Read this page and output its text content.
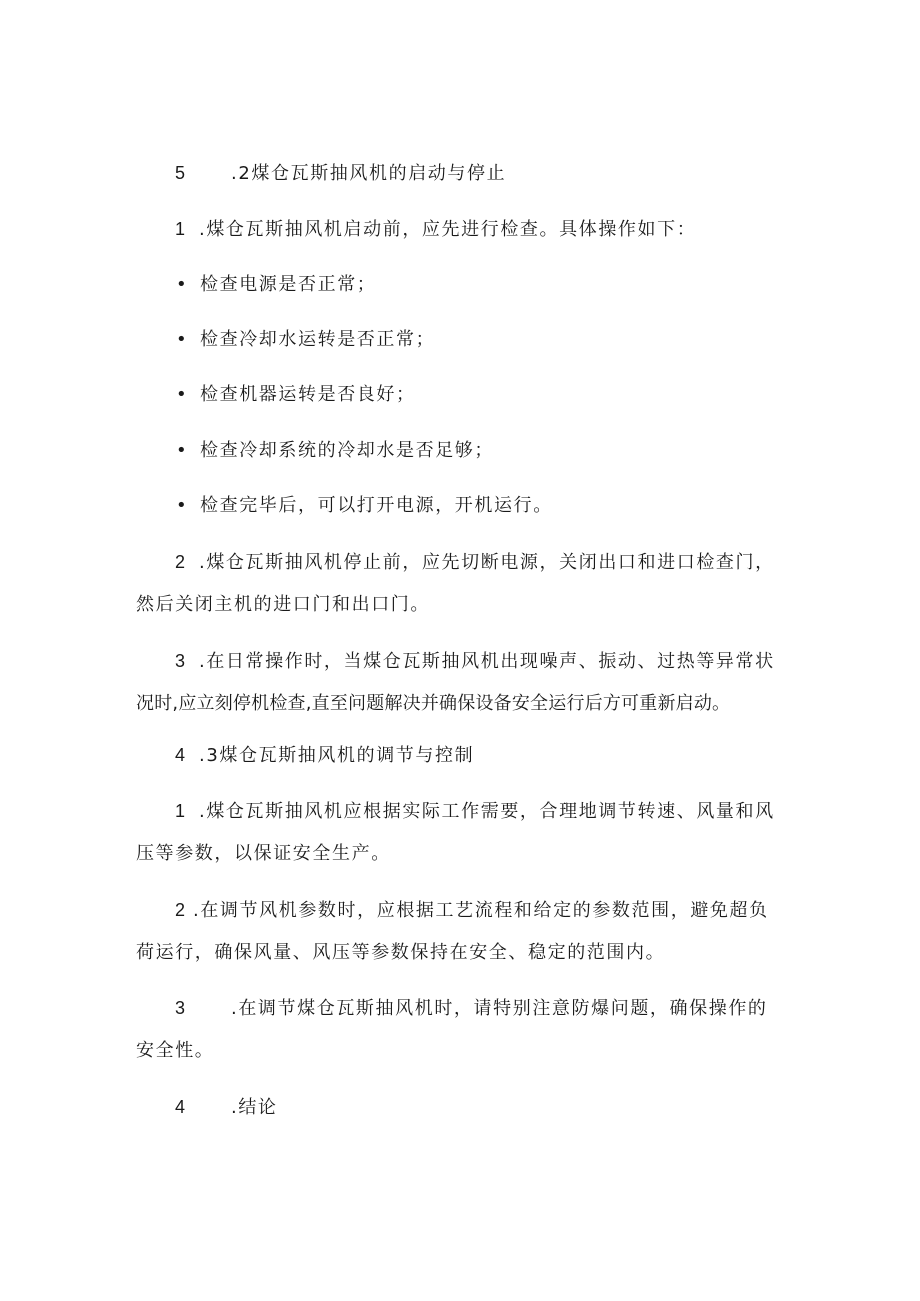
5	.2煤仓瓦斯抽风机的启动与停止
1 .煤仓瓦斯抽风机启动前，应先进行检查。具体操作如下：
• 检查电源是否正常；
• 检查冷却水运转是否正常；
• 检查机器运转是否良好；
• 检查冷却系统的冷却水是否足够；
• 检查完毕后，可以打开电源，开机运行。
2 .煤仓瓦斯抽风机停止前，应先切断电源，关闭出口和进口检查门，
然后关闭主机的进口门和出口门。
3 .在日常操作时，当煤仓瓦斯抽风机出现噪声、振动、过热等异常状
况时,应立刻停机检查,直至问题解决并确保设备安全运行后方可重新启动。
4 .3煤仓瓦斯抽风机的调节与控制
1 .煤仓瓦斯抽风机应根据实际工作需要，合理地调节转速、风量和风
压等参数，以保证安全生产。
2 .在调节风机参数时，应根据工艺流程和给定的参数范围，避免超负
荷运行，确保风量、风压等参数保持在安全、稳定的范围内。
3	.在调节煤仓瓦斯抽风机时，请特别注意防爆问题，确保操作的
安全性。
4	.结论
